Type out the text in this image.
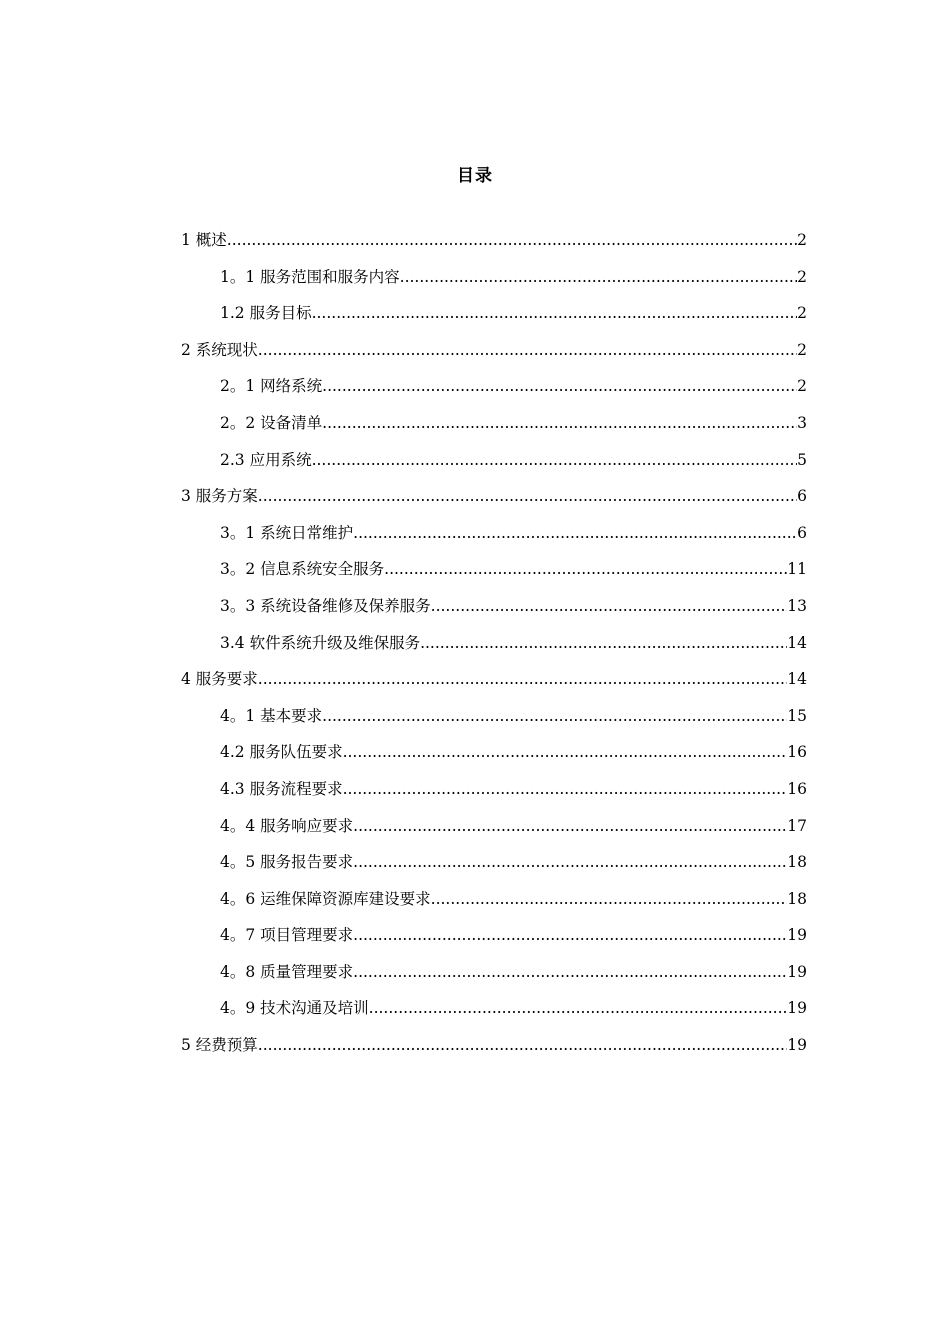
目录
1 概述 .....	2
1。1 服务范围和服务内容 .....	2
1.2 服务目标 .....	2
2 系统现状 .....	2
2。1 网络系统 .....	2
2。2 设备清单 .....	3
2.3 应用系统 .....	5
3 服务方案 .....	6
3。1 系统日常维护 .....	6
3。2 信息系统安全服务 .....	11
3。3 系统设备维修及保养服务 .....	13
3.4 软件系统升级及维保服务 .....	14
4 服务要求 .....	14
4。1 基本要求 .....	15
4.2 服务队伍要求 .....	16
4.3 服务流程要求 .....	16
4。4 服务响应要求 .....	17
4。5 服务报告要求 .....	18
4。6 运维保障资源库建设要求 .....	18
4。7 项目管理要求 .....	19
4。8 质量管理要求 .....	19
4。9 技术沟通及培训 .....	19
5 经费预算 .....	19
